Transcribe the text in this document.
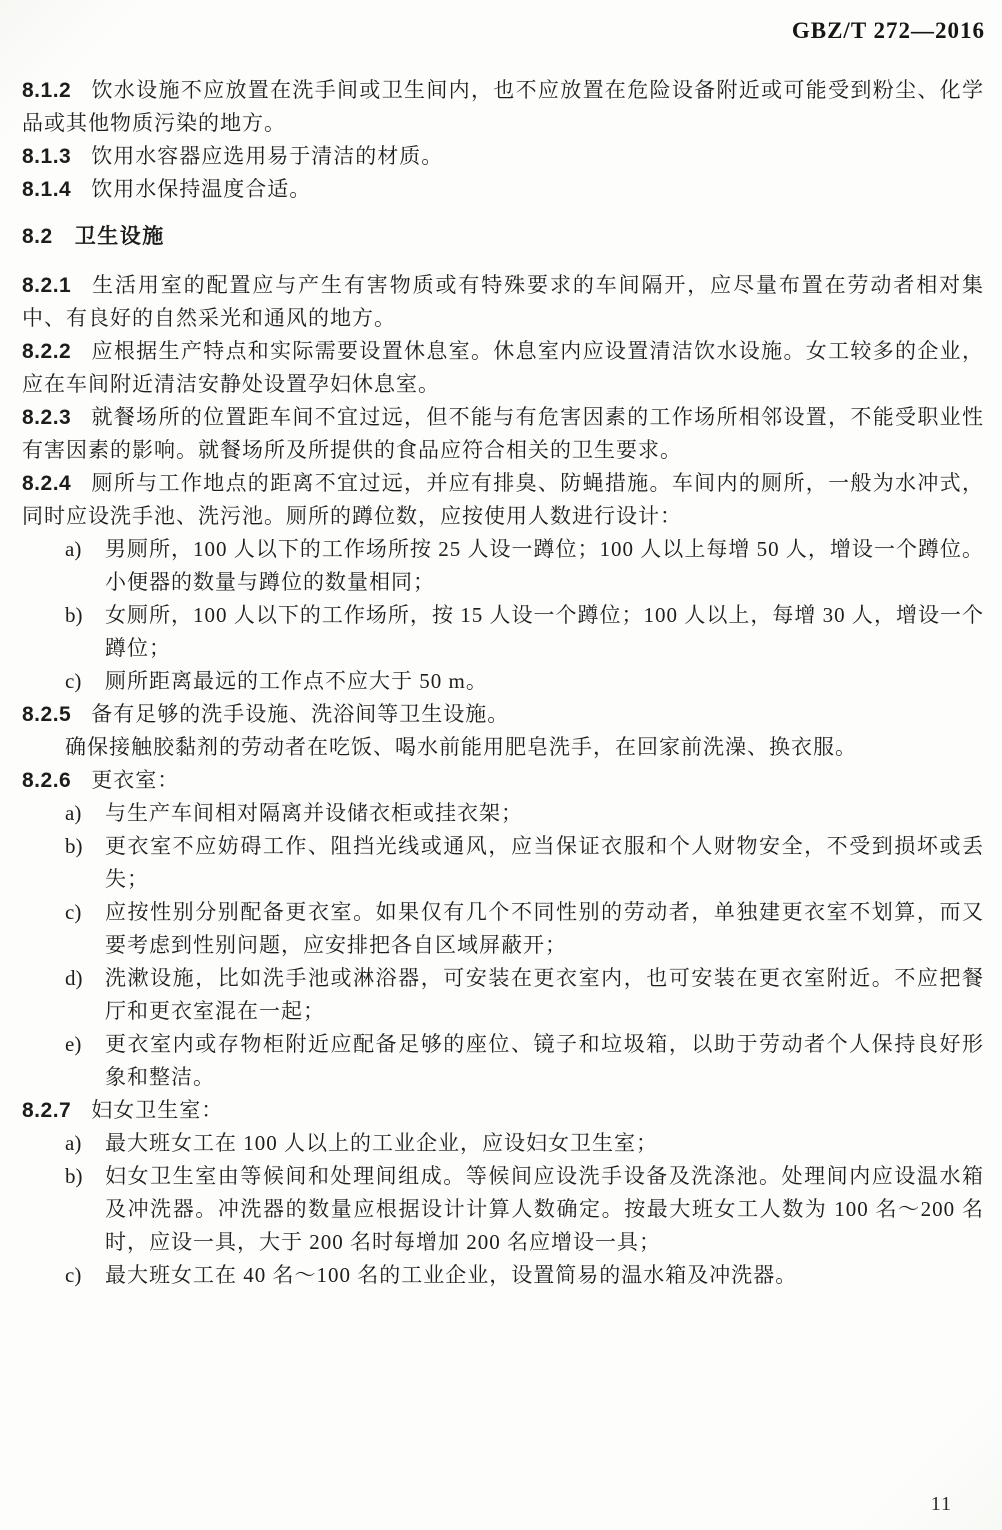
GBZ/T 272—2016

8.1.2 饮水设施不应放置在洗手间或卫生间内，也不应放置在危险设备附近或可能受到粉尘、化学品或其他物质污染的地方。

8.1.3 饮用水容器应选用易于清洁的材质。

8.1.4 饮用水保持温度合适。

8.2 卫生设施

8.2.1 生活用室的配置应与产生有害物质或有特殊要求的车间隔开，应尽量布置在劳动者相对集中、有良好的自然采光和通风的地方。

8.2.2 应根据生产特点和实际需要设置休息室。休息室内应设置清洁饮水设施。女工较多的企业，应在车间附近清洁安静处设置孕妇休息室。

8.2.3 就餐场所的位置距车间不宜过远，但不能与有危害因素的工作场所相邻设置，不能受职业性有害因素的影响。就餐场所及所提供的食品应符合相关的卫生要求。

8.2.4 厕所与工作地点的距离不宜过远，并应有排臭、防蝇措施。车间内的厕所，一般为水冲式，同时应设洗手池、洗污池。厕所的蹲位数，应按使用人数进行设计：

a) 男厕所，100 人以下的工作场所按 25 人设一蹲位；100 人以上每增 50 人，增设一个蹲位。小便器的数量与蹲位的数量相同；
b) 女厕所，100 人以下的工作场所，按 15 人设一个蹲位；100 人以上，每增 30 人，增设一个蹲位；
c) 厕所距离最远的工作点不应大于 50 m。

8.2.5 备有足够的洗手设施、洗浴间等卫生设施。

确保接触胶黏剂的劳动者在吃饭、喝水前能用肥皂洗手，在回家前洗澡、换衣服。

8.2.6 更衣室：

a) 与生产车间相对隔离并设储衣柜或挂衣架；
b) 更衣室不应妨碍工作、阻挡光线或通风，应当保证衣服和个人财物安全，不受到损坏或丢失；
c) 应按性别分别配备更衣室。如果仅有几个不同性别的劳动者，单独建更衣室不划算，而又要考虑到性别问题，应安排把各自区域屏蔽开；
d) 洗漱设施，比如洗手池或淋浴器，可安装在更衣室内，也可安装在更衣室附近。不应把餐厅和更衣室混在一起；
e) 更衣室内或存物柜附近应配备足够的座位、镜子和垃圾箱，以助于劳动者个人保持良好形象和整洁。

8.2.7 妇女卫生室：

a) 最大班女工在 100 人以上的工业企业，应设妇女卫生室；
b) 妇女卫生室由等候间和处理间组成。等候间应设洗手设备及洗涤池。处理间内应设温水箱及冲洗器。冲洗器的数量应根据设计计算人数确定。按最大班女工人数为 100 名～200 名时，应设一具，大于 200 名时每增加 200 名应增设一具；
c) 最大班女工在 40 名～100 名的工业企业，设置简易的温水箱及冲洗器。
11
